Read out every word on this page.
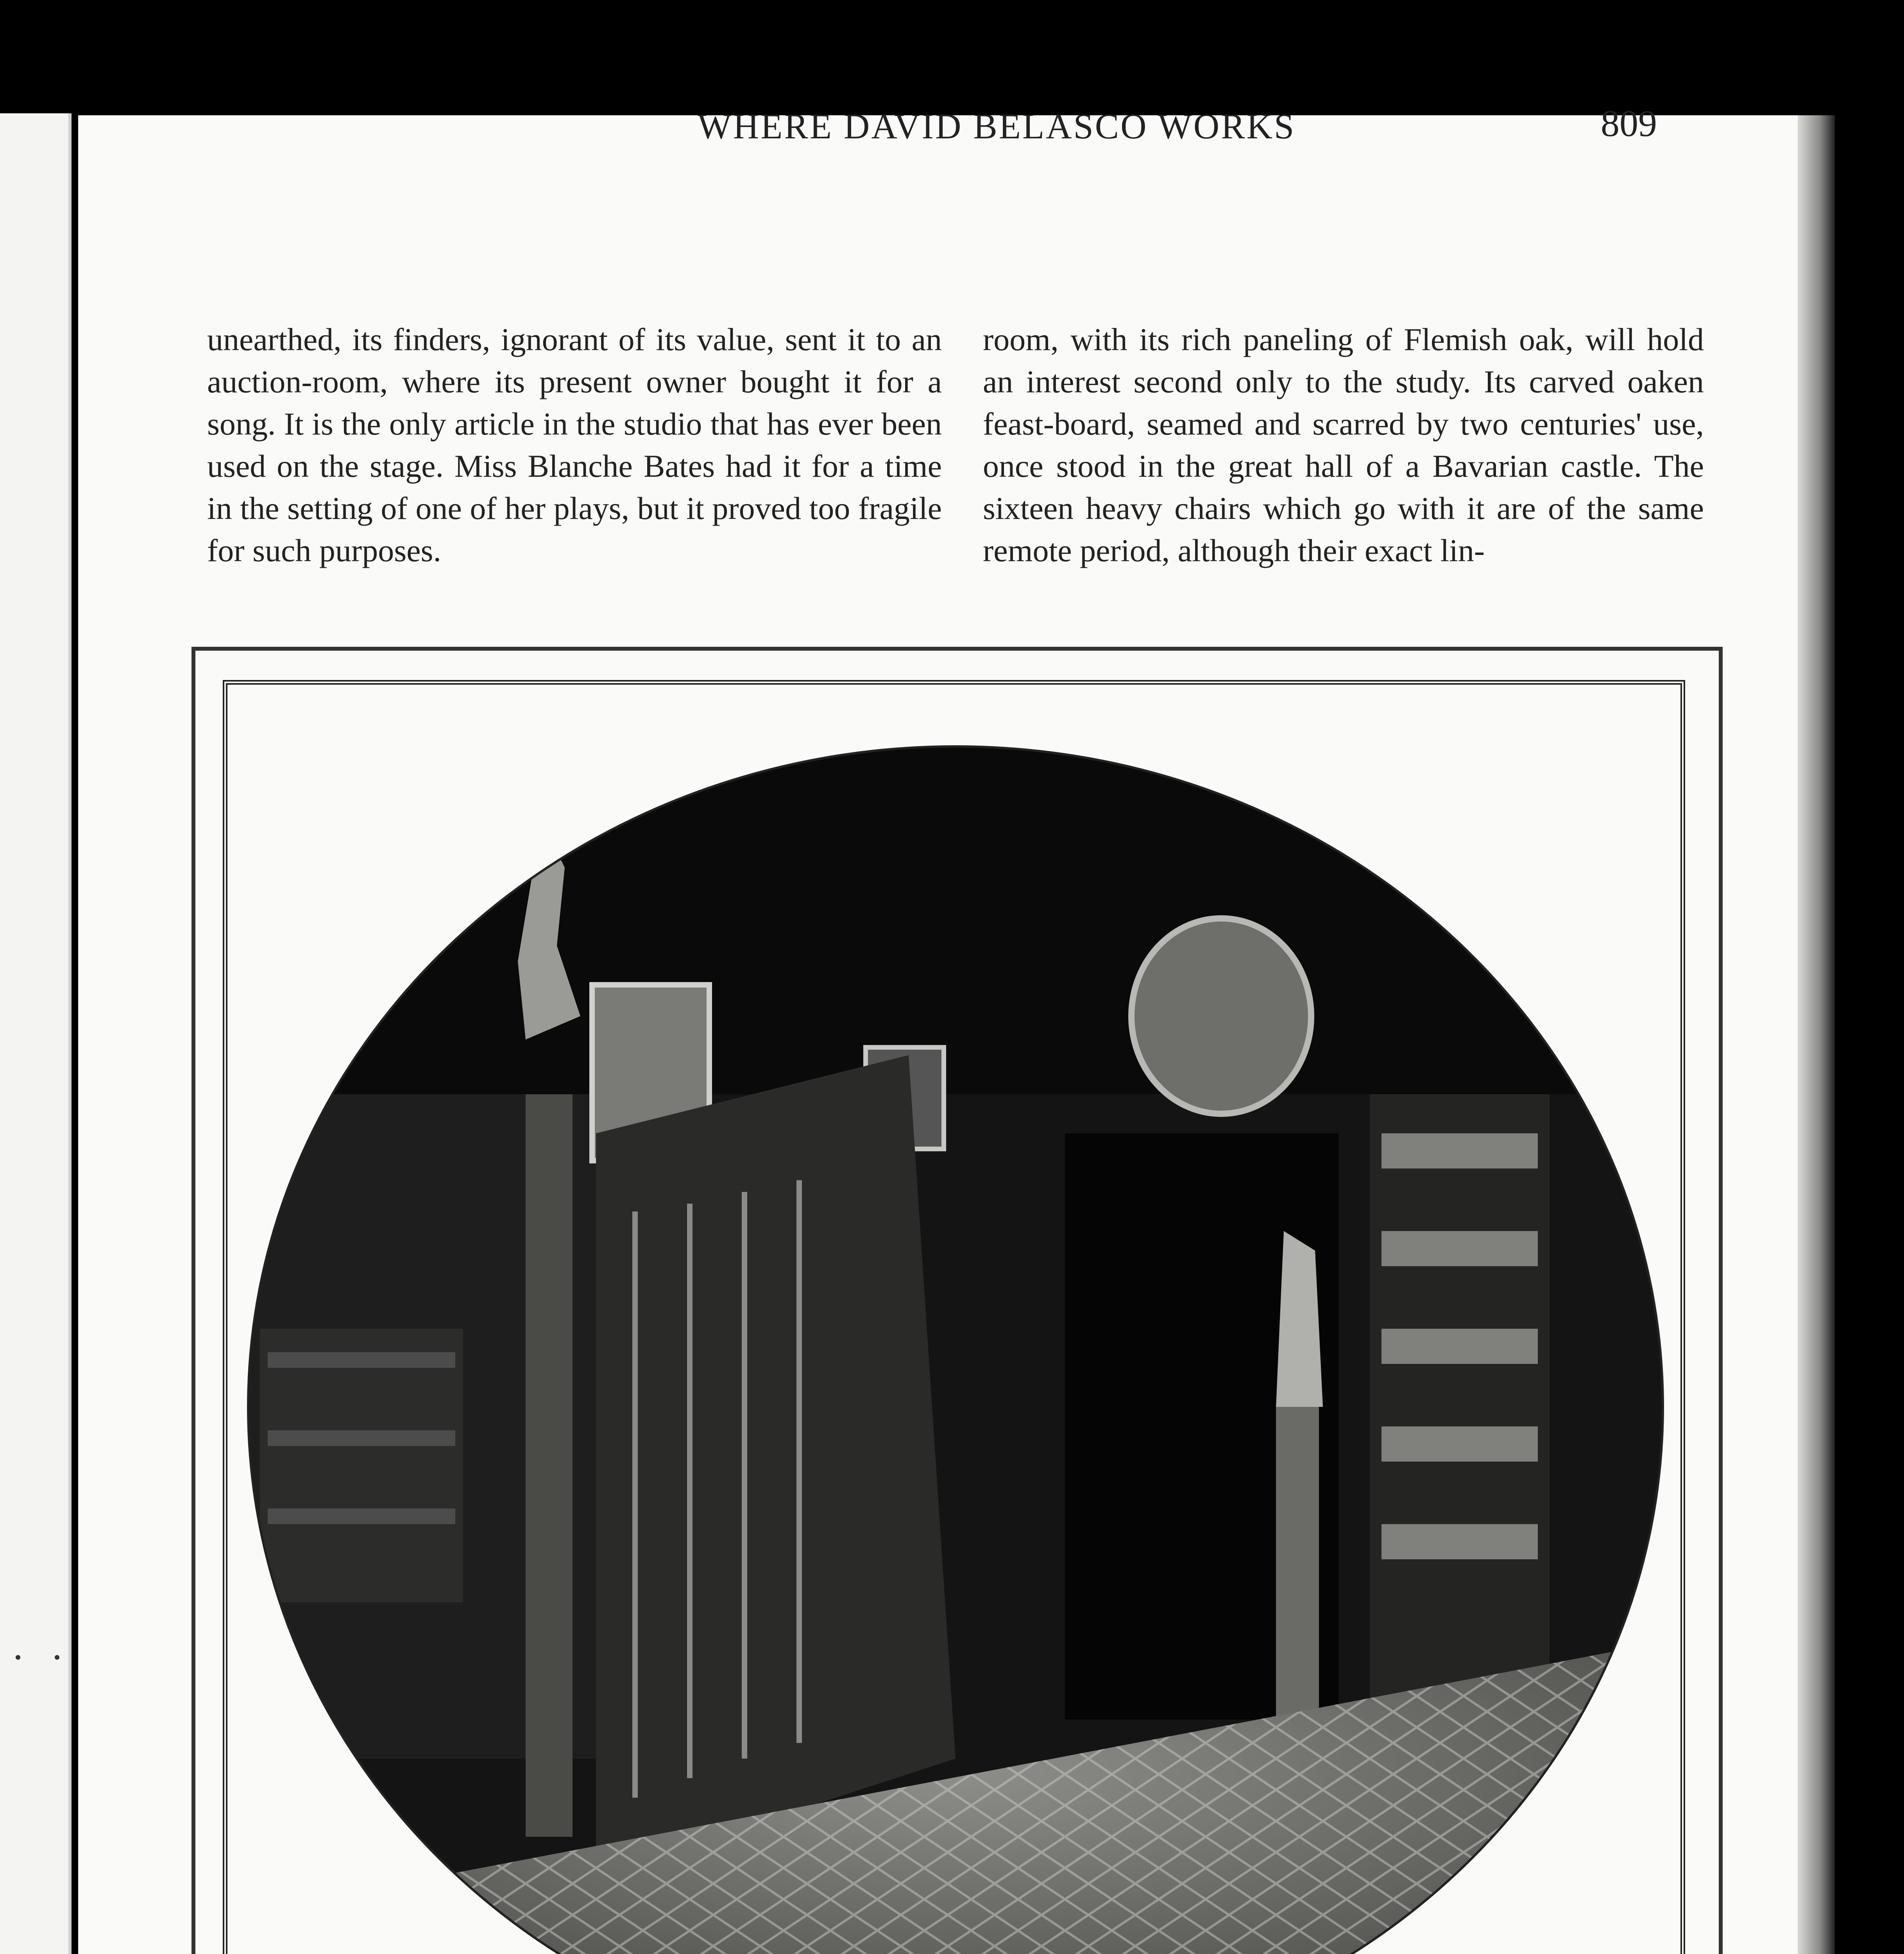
WHERE DAVID BELASCO WORKS	809

unearthed, its finders, ignorant of its value, sent it to an auction-room, where its present owner bought it for a song. It is the only article in the studio that has ever been used on the stage. Miss Blanche Bates had it for a time in the setting of one of her plays, but it proved too fragile for such purposes.

room, with its rich paneling of Flemish oak, will hold an interest second only to the study. Its carved oaken feast-board, seamed and scarred by two centuries' use, once stood in the great hall of a Bavarian castle. The sixteen heavy chairs which go with it are of the same remote period, although their exact lin-
